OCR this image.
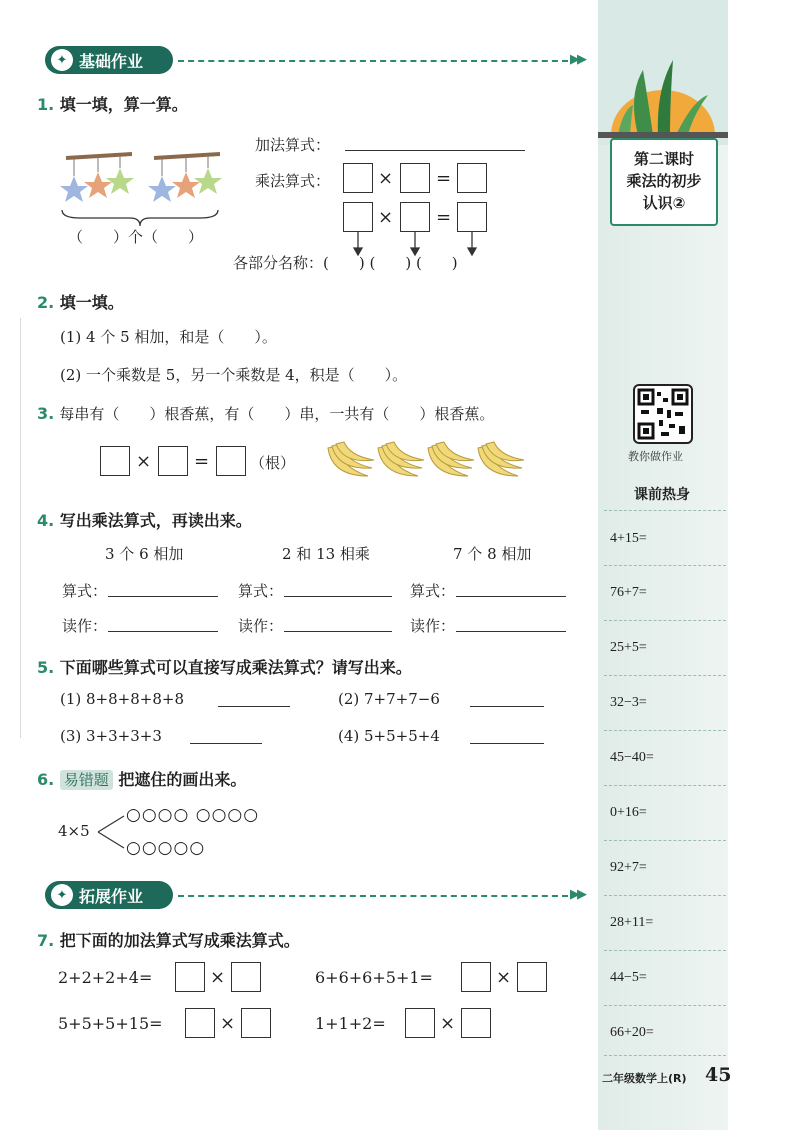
第二课时
乘法的初步
认识②
教你做作业
课前热身
4+15=
76+7=
25+5=
32−3=
45−40=
0+16=
92+7=
28+11=
44−5=
66+20=
二年级数学上(R) 45
✦ 基础作业	▶▶
1. 填一填，算一算。
（　　）个（　　）
加法算式：
乘法算式：	× =
× =
各部分名称：(　　) (　　) (　　)
2. 填一填。
(1) 4 个 5 相加，和是（　　）。
(2) 一个乘数是 5，另一个乘数是 4，积是（　　）。
3. 每串有（　　）根香蕉，有（　　）串，一共有（　　）根香蕉。
× =	（根）
4. 写出乘法算式，再读出来。
3 个 6 相加	2 和 13 相乘	7 个 8 相加
算式：	算式：	算式：
读作：	读作：	读作：
5. 下面哪些算式可以直接写成乘法算式？请写出来。
(1) 8+8+8+8+8	(2) 7+7+7−6
(3) 3+3+3+3	(4) 5+5+5+4
6. 易错题 把遮住的画出来。
4×5
○○○○ ○○○○
○○○○○
✦ 拓展作业	▶▶
7. 把下面的加法算式写成乘法算式。
2+2+2+4=	×	6+6+6+5+1=	×
5+5+5+15=	×	1+1+2=	×
